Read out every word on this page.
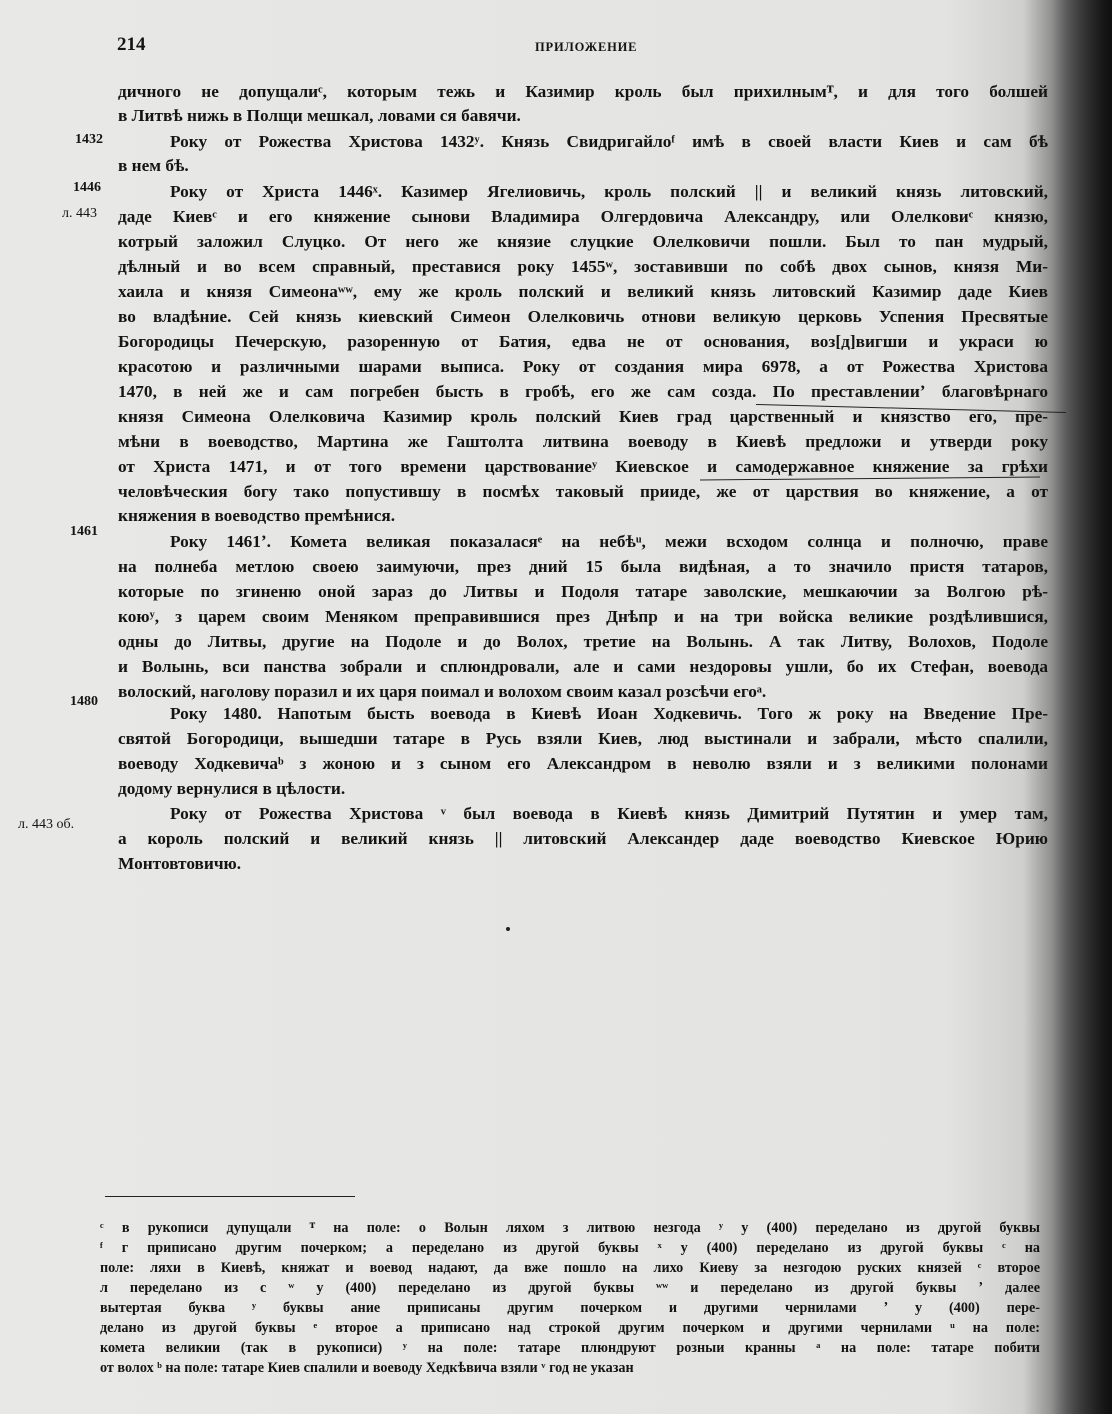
214	ПРИЛОЖЕНИЕ
1432
1446
л. 443
1461
1480
л. 443 об.
дичного не допущалиᶜ, которым тежь и Казимир кроль был прихилнымᵀ, и для того болшей
в Литвѣ нижь в Полщи мешкал, ловами ся бавячи.
Року от Рожества Христова 1432ʸ. Князь Свидригайлоᶠ имѣ в своей власти Киев и сам бѣ
в нем бѣ.
Року от Христа 1446ˣ. Казимер Ягелиовичь, кроль полский || и великий князь литовский,
даде Киевᶜ и его княжение сынови Владимира Олгердовича Александру, или Олелковиᶜ князю,
котрый заложил Слуцко. От него же князие слуцкие Олелковичи пошли. Был то пан мудрый,
дѣлный и во всем справный, преставися року 1455ʷ, зоставивши по собѣ двох сынов, князя Ми-
хаила и князя Симеонаʷʷ, ему же кроль полский и великий князь литовский Казимир даде Киев
во владѣние. Сей князь киевский Симеон Олелковичь отнови великую церковь Успения Пресвятые
Богородицы Печерскую, разоренную от Батия, едва не от основания, воз[д]вигши и украси ю
красотою и различными шарами выписа. Року от создания мира 6978, а от Рожества Христова
1470, в ней же и сам погребен бысть в гробѣ, его же сам созда. По преставленииʼ благовѣрнаго
князя Симеона Олелковича Казимир кроль полский Киев град царственный и князство его, пре-
мѣни в воеводство, Мартина же Гаштолта литвина воеводу в Киевѣ предложи и утверди року
от Христа 1471, и от того времени царствованиеʸ Киевское и самодержавное княжение за грѣхи
человѣческия богу тако попустившу в посмѣх таковый прииде, же от царствия во княжение, а от
княжения в воеводство премѣнися.
Року 1461ʼ. Комета великая показаласяᵉ на небѣᵘ, межи всходом солнца и полночю, праве
на полнеба метлою своею заимуючи, през дний 15 была видѣная, а то значило пристя татаров,
которые по згиненю оной зараз до Литвы и Подоля татаре заволские, мешкаючии за Волгою рѣ-
коюʸ, з царем своим Меняком преправившися през Днѣпр и на три войска великие роздѣлившися,
одны до Литвы, другие на Подоле и до Волох, третие на Волынь. А так Литву, Волохов, Подоле
и Волынь, вси панства зобрали и сплюндровали, але и сами нездоровы ушли, бо их Стефан, воевода
волоский, наголову поразил и их царя поимал и волохом своим казал розсѣчи егоᵃ.
Року 1480. Напотым бысть воевода в Киевѣ Иоан Ходкевичь. Того ж року на Введение Пре-
святой Богородици, вышедши татаре в Русь взяли Киев, люд выстинали и забрали, мѣсто спалили,
воеводу Ходкевичаᵇ з жоною и з сыном его Александром в неволю взяли и з великими полонами
додому вернулися в цѣлости.
Року от Рожества Христова ᵛ был воевода в Киевѣ князь Димитрий Путятин и умер там,
а король полский и великий князь || литовский Александер даде воеводство Киевское Юрию
Монтовтовичю.
ᶜ в рукописи дупущали ᵀ на поле: о Волын ляхом з литвою незгода ʸ у (400) переделано из другой буквы
ᶠ г приписано другим почерком; а переделано из другой буквы ˣ у (400) переделано из другой буквы ᶜ на
поле: ляхи в Киевѣ, княжат и воевод надают, да вже пошло на лихо Киеву за незгодою руских князей ᶜ второе
л переделано из с ʷ у (400) переделано из другой буквы ʷʷ и переделано из другой буквы ʼ далее
вытертая буква ʸ буквы ание приписаны другим почерком и другими чернилами ʼ у (400) пере-
делано из другой буквы ᵉ второе а приписано над строкой другим почерком и другими чернилами ᵘ на поле:
комета великии (так в рукописи) ʸ на поле: татаре плюндруют розныи кранны ᵃ на поле: татаре побити
от волох ᵇ на поле: татаре Киев спалили и воеводу Хедкѣвича взяли ᵛ год не указан
